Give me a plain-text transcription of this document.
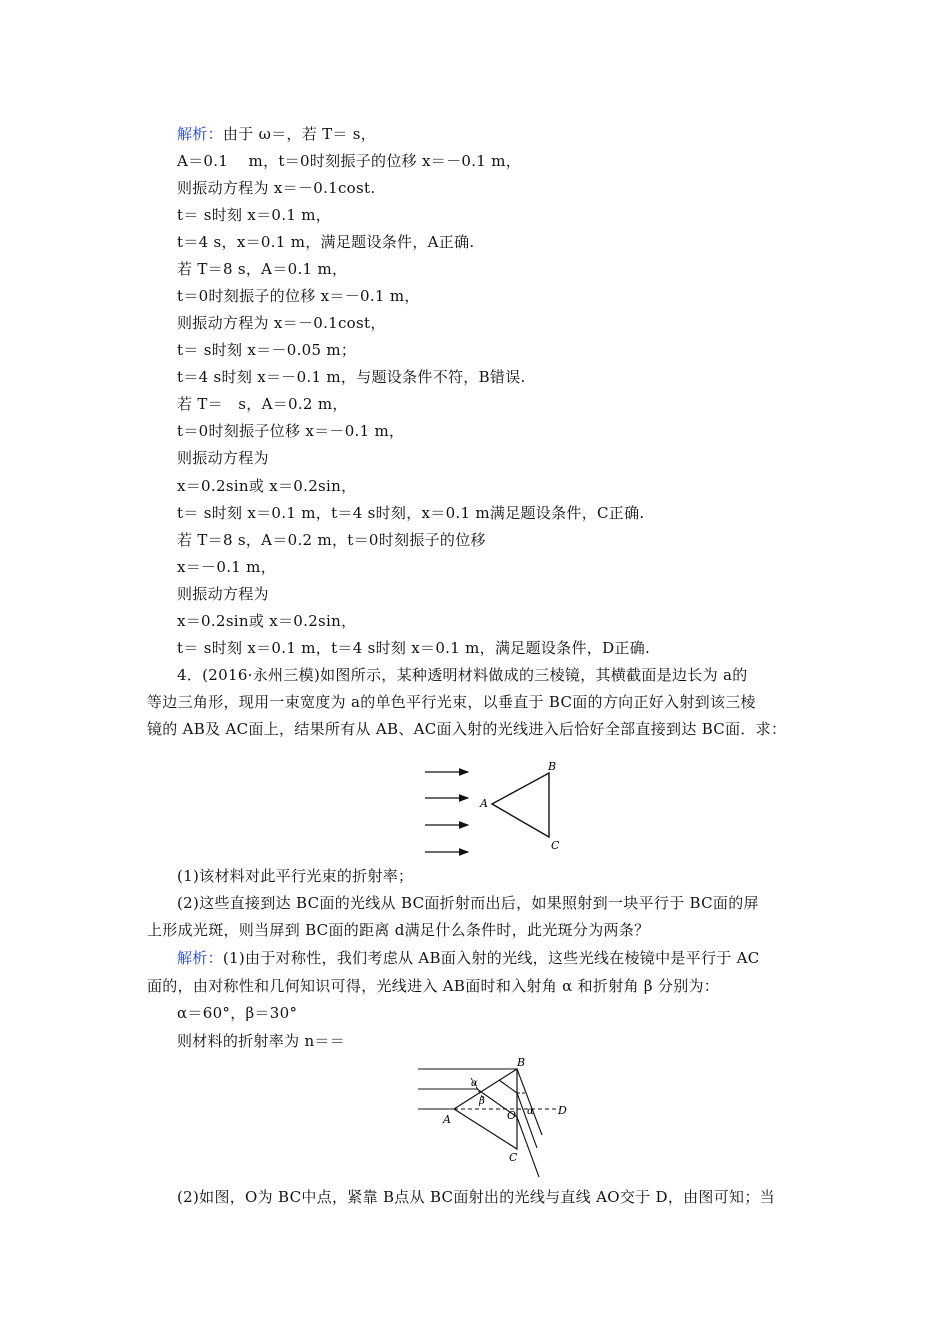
解析：由于 ω＝，若 T＝ s，
A＝0.1　 m，t＝0时刻振子的位移 x＝－0.1 m，
则振动方程为 x＝－0.1cost.
t＝ s时刻 x＝0.1 m，
t＝4 s，x＝0.1 m，满足题设条件，A正确.
若 T＝8 s，A＝0.1 m，
t＝0时刻振子的位移 x＝－0.1 m，
则振动方程为 x＝－0.1cost，
t＝ s时刻 x＝－0.05 m；
t＝4 s时刻 x＝－0.1 m，与题设条件不符，B错误.
若 T＝　s，A＝0.2 m，
t＝0时刻振子位移 x＝－0.1 m，
则振动方程为
x＝0.2sin或 x＝0.2sin，
t＝ s时刻 x＝0.1 m，t＝4 s时刻，x＝0.1 m满足题设条件，C正确.
若 T＝8 s，A＝0.2 m，t＝0时刻振子的位移
x＝－0.1 m，
则振动方程为
x＝0.2sin或 x＝0.2sin，
t＝ s时刻 x＝0.1 m，t＝4 s时刻 x＝0.1 m，满足题设条件，D正确.
4．(2016·永州三模)如图所示，某种透明材料做成的三棱镜，其横截面是边长为 a的
等边三角形，现用一束宽度为 a的单色平行光束，以垂直于 BC面的方向正好入射到该三棱
镜的 AB及 AC面上，结果所有从 AB、AC面入射的光线进入后恰好全部直接到达 BC面．求：
A
B
C
(1)该材料对此平行光束的折射率；
(2)这些直接到达 BC面的光线从 BC面折射而出后，如果照射到一块平行于 BC面的屏
上形成光斑，则当屏到 BC面的距离 d满足什么条件时，此光斑分为两条？
解析：(1)由于对称性，我们考虑从 AB面入射的光线，这些光线在棱镜中是平行于 AC
面的，由对称性和几何知识可得，光线进入 AB面时和入射角 α 和折射角 β 分别为：
α＝60°，β＝30°
则材料的折射率为 n＝＝
α
β
α
A
B
C
O	D
(2)如图，O为 BC中点，紧靠 B点从 BC面射出的光线与直线 AO交于 D，由图可知；当
